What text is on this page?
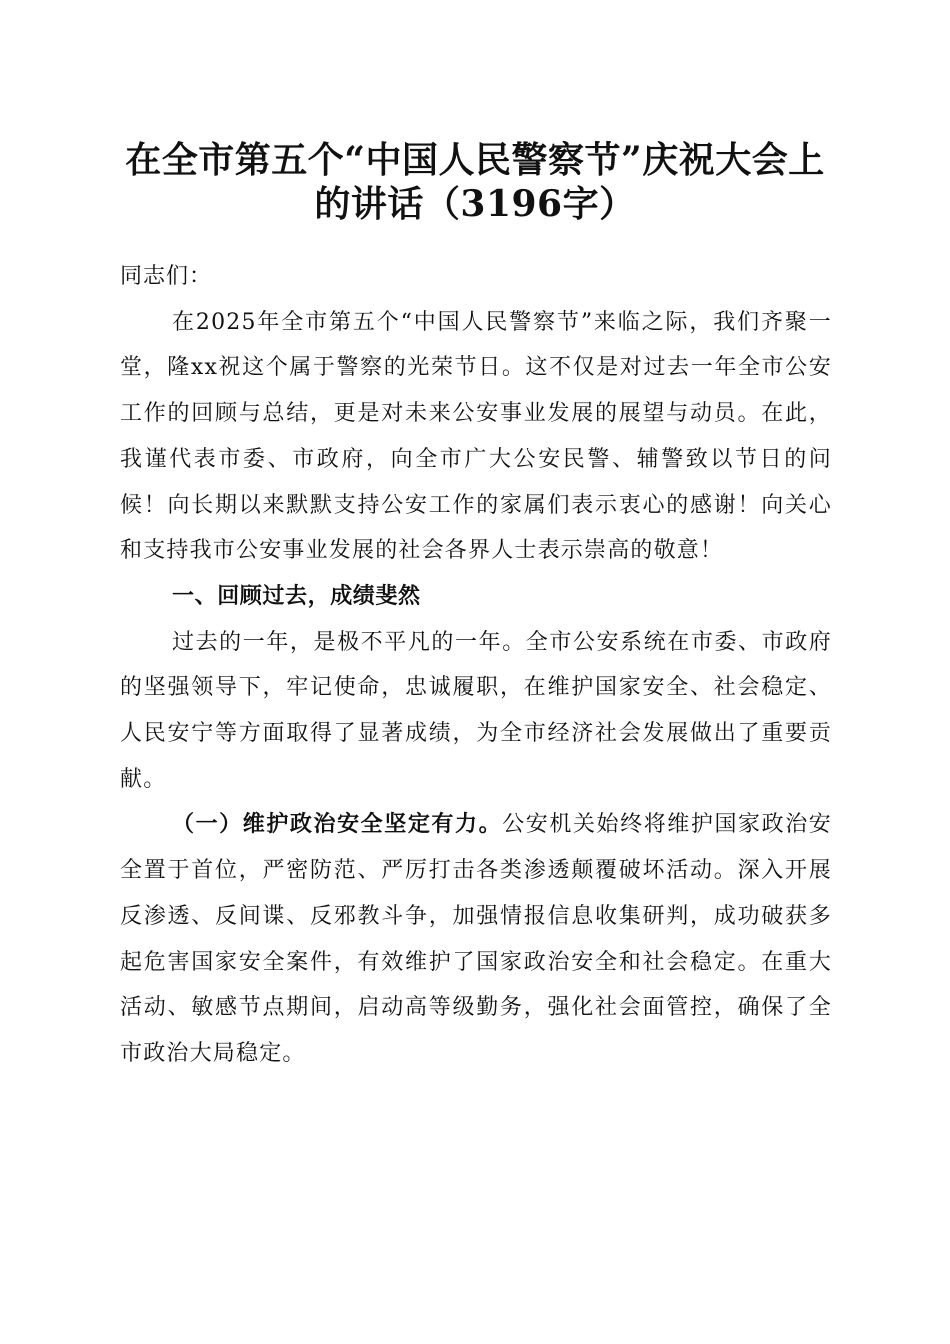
在全市第五个“中国人民警察节”庆祝大会上
的讲话（3196字）

同志们：

在2025年全市第五个“中国人民警察节”来临之际，我们齐聚一堂，隆xx祝这个属于警察的光荣节日。这不仅是对过去一年全市公安工作的回顾与总结，更是对未来公安事业发展的展望与动员。在此，我谨代表市委、市政府，向全市广大公安民警、辅警致以节日的问候！向长期以来默默支持公安工作的家属们表示衷心的感谢！向关心和支持我市公安事业发展的社会各界人士表示崇高的敬意！

一、回顾过去，成绩斐然

过去的一年，是极不平凡的一年。全市公安系统在市委、市政府的坚强领导下，牢记使命，忠诚履职，在维护国家安全、社会稳定、人民安宁等方面取得了显著成绩，为全市经济社会发展做出了重要贡献。

（一）维护政治安全坚定有力。公安机关始终将维护国家政治安全置于首位，严密防范、严厉打击各类渗透颠覆破坏活动。深入开展反渗透、反间谍、反邪教斗争，加强情报信息收集研判，成功破获多起危害国家安全案件，有效维护了国家政治安全和社会稳定。在重大活动、敏感节点期间，启动高等级勤务，强化社会面管控，确保了全市政治大局稳定。
